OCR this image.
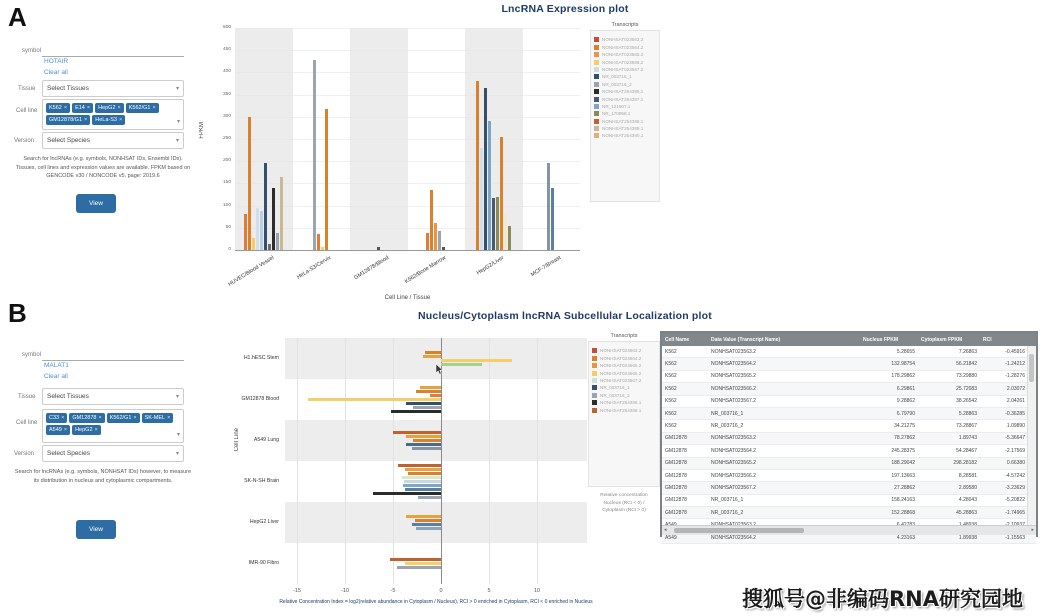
A	LncRNA Expression plot
symbol
HOTAIR
Clear all
Tissue Select Tissues	▾
Cell line
▾
K562 ×	E14 ×	HepG2 ×	K562/G1 ×
GM12878/G1 ×	HeLa-S3 ×
Version Select Species	▾
Search for lncRNAs (e.g. symbols, NONHSAT IDs, Ensembl IDs). Tissues, cell lines and expression values are available. FPKM based on GENCODE v30 / NONCODE v5, page: 2019.6
View
0
50
100
150
200
250
300
350
400
450
500
HUVEC/Blood Vessel	HeLa-S3/Cervix	GM12878/Blood	K562/Bone Marrow	HepG2/Liver	MCF-7/Breast
FPKM
Cell Line / Tissue
Transcripts
NONHSAT023563.2
NONHSAT023564.2
NONHSAT023565.2
NONHSAT023566.2
NONHSAT023567.2
NR_003716_1
NR_003716_2
NONHSAT254386.1
NONHSAT254387.1
NR_121567.1
NR_170958.1
NONHSAT254388.1
NONHSAT254389.1
NONHSAT254390.1
B	Nucleus/Cytoplasm lncRNA Subcellular Localization plot
symbol
MALAT1
Clear all
Tissue Select Tissues	▾
Cell line
▾
C33 ×	GM12878 ×	K562/G1 ×	SK-MEL ×
A549 ×	HepG2 ×
Version Select Species	▾
Search for lncRNAs (e.g. symbols, NONHSAT IDs) however, to measure its distribution in nucleus and cytoplasmic compartments.
View
-15	-10	-5	0	5	10
H1.hESC Stem
GM12878 Blood
A549 Lung
SK-N-SH Brain
HepG2 Liver
IMR-90 Fibro
Relative Concentration Index = log2(relative abundance in Cytoplasm / Nucleus), RCI > 0 enriched in Cytoplasm, RCI < 0 enriched in Nucleus
Cell Line
Transcripts
NONHSAT023563.2
NONHSAT023564.2
NONHSAT023565.2
NONHSAT023566.2
NONHSAT023567.2
NR_003716_1
NR_003716_2
NONHSAT254386.1
NONHSAT254388.1
Relative concentration
Nucleus (RCI < 0) /
Cytoplasm (RCI > 0)
Cell Name	Data Value (Transcript Name)	Nucleus FPKM	Cytoplasm FPKM	RCI
K562	NONHSAT023563.2	5.28655	7.26863	-0.45916
K562	NONHSAT023564.2	132.98754	56.21842	-1.24212
K562	NONHSAT023565.2	178.29862	73.29880	-1.28276
K562	NONHSAT023566.2	6.29861	25.72083	2.03072
K562	NONHSAT023567.2	9.28862	38.26542	2.04261
K562	NR_003716_1	6.79790	5.28863	-0.36285
K562	NR_003716_2	34.21275	73.28867	1.09890
GM12878	NONHSAT023563.2	78.27862	1.89743	-5.36647
GM12878	NONHSAT023564.2	245.28375	54.28467	-2.17569
GM12878	NONHSAT023565.2	188.29042	298.28182	0.66380
GM12878	NONHSAT023566.2	197.13663	8.28581	-4.57242
GM12878	NONHSAT023567.2	27.28862	2.89580	-3.23629
GM12878	NR_003716_1	158.24163	4.28043	-5.20822
GM12878	NR_003716_2	152.28868	45.28863	-1.74965
A549	NONHSAT023564.2	4.23163	1.89938	-1.15563
◂	▸
搜狐号@非编码RNA研究园地
